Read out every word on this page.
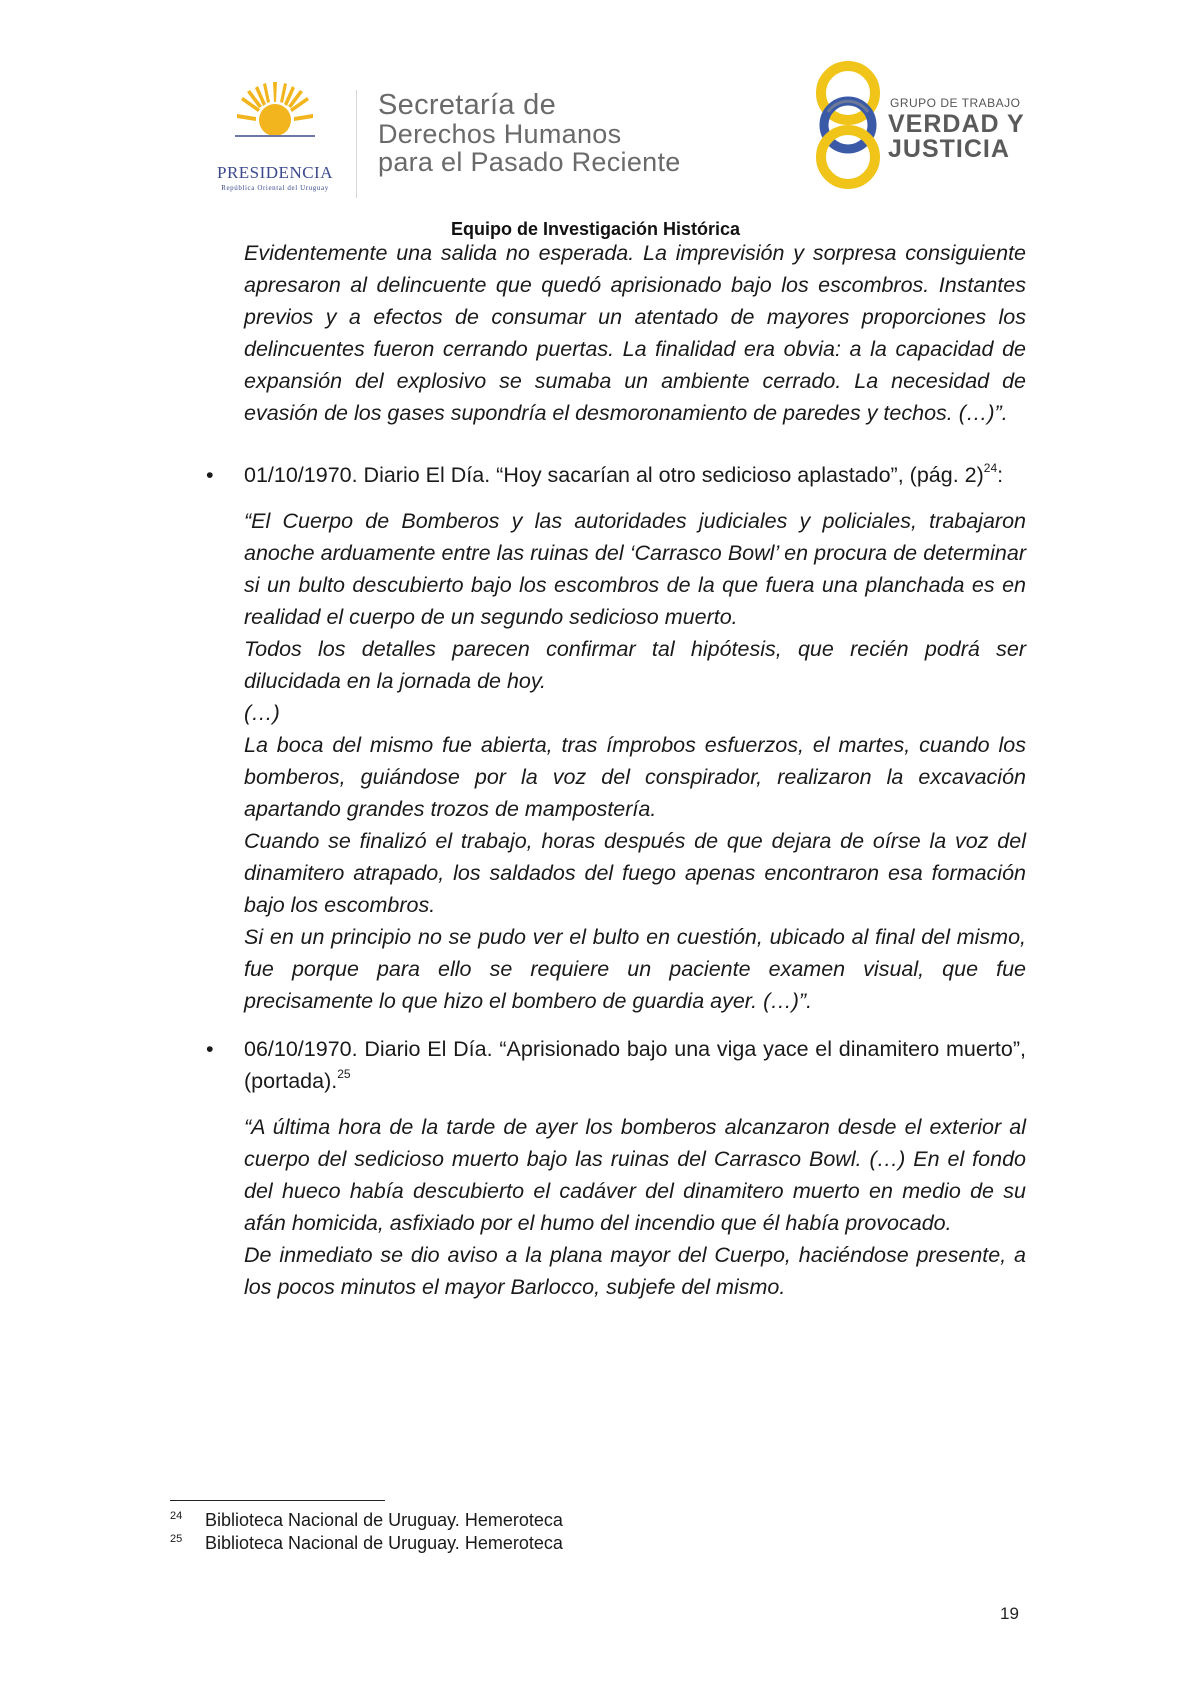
PRESIDENCIA
República Oriental del Uruguay
Secretaría de
Derechos Humanos
para el Pasado Reciente
GRUPO DE TRABAJO
VERDAD Y
JUSTICIA
Equipo de Investigación Histórica

Evidentemente una salida no esperada. La imprevisión y sorpresa consiguiente apresaron al delincuente que quedó aprisionado bajo los escombros. Instantes previos y a efectos de consumar un atentado de mayores proporciones los delincuentes fueron cerrando puertas. La finalidad era obvia: a la capacidad de expansión del explosivo se sumaba un ambiente cerrado. La necesidad de evasión de los gases supondría el desmoronamiento de paredes y techos. (…)”.

•	01/10/1970. Diario El Día. “Hoy sacarían al otro sedicioso aplastado”, (pág. 2)$^{24}$:

“El Cuerpo de Bomberos y las autoridades judiciales y policiales, trabajaron anoche arduamente entre las ruinas del ‘Carrasco Bowl’ en procura de determinar si un bulto descubierto bajo los escombros de la que fuera una planchada es en realidad el cuerpo de un segundo sedicioso muerto.

Todos los detalles parecen confirmar tal hipótesis, que recién podrá ser dilucidada en la jornada de hoy.

(…)

La boca del mismo fue abierta, tras ímprobos esfuerzos, el martes, cuando los bomberos, guiándose por la voz del conspirador, realizaron la excavación apartando grandes trozos de mampostería.

Cuando se finalizó el trabajo, horas después de que dejara de oírse la voz del dinamitero atrapado, los saldados del fuego apenas encontraron esa formación bajo los escombros.

Si en un principio no se pudo ver el bulto en cuestión, ubicado al final del mismo, fue porque para ello se requiere un paciente examen visual, que fue precisamente lo que hizo el bombero de guardia ayer. (…)”.

•	06/10/1970. Diario El Día. “Aprisionado bajo una viga yace el dinamitero muerto”, (portada).$^{25}$

“A última hora de la tarde de ayer los bomberos alcanzaron desde el exterior al cuerpo del sedicioso muerto bajo las ruinas del Carrasco Bowl. (…) En el fondo del hueco había descubierto el cadáver del dinamitero muerto en medio de su afán homicida, asfixiado por el humo del incendio que él había provocado.

De inmediato se dio aviso a la plana mayor del Cuerpo, haciéndose presente, a los pocos minutos el mayor Barlocco, subjefe del mismo.

24 Biblioteca Nacional de Uruguay. Hemeroteca
25 Biblioteca Nacional de Uruguay. Hemeroteca
19
